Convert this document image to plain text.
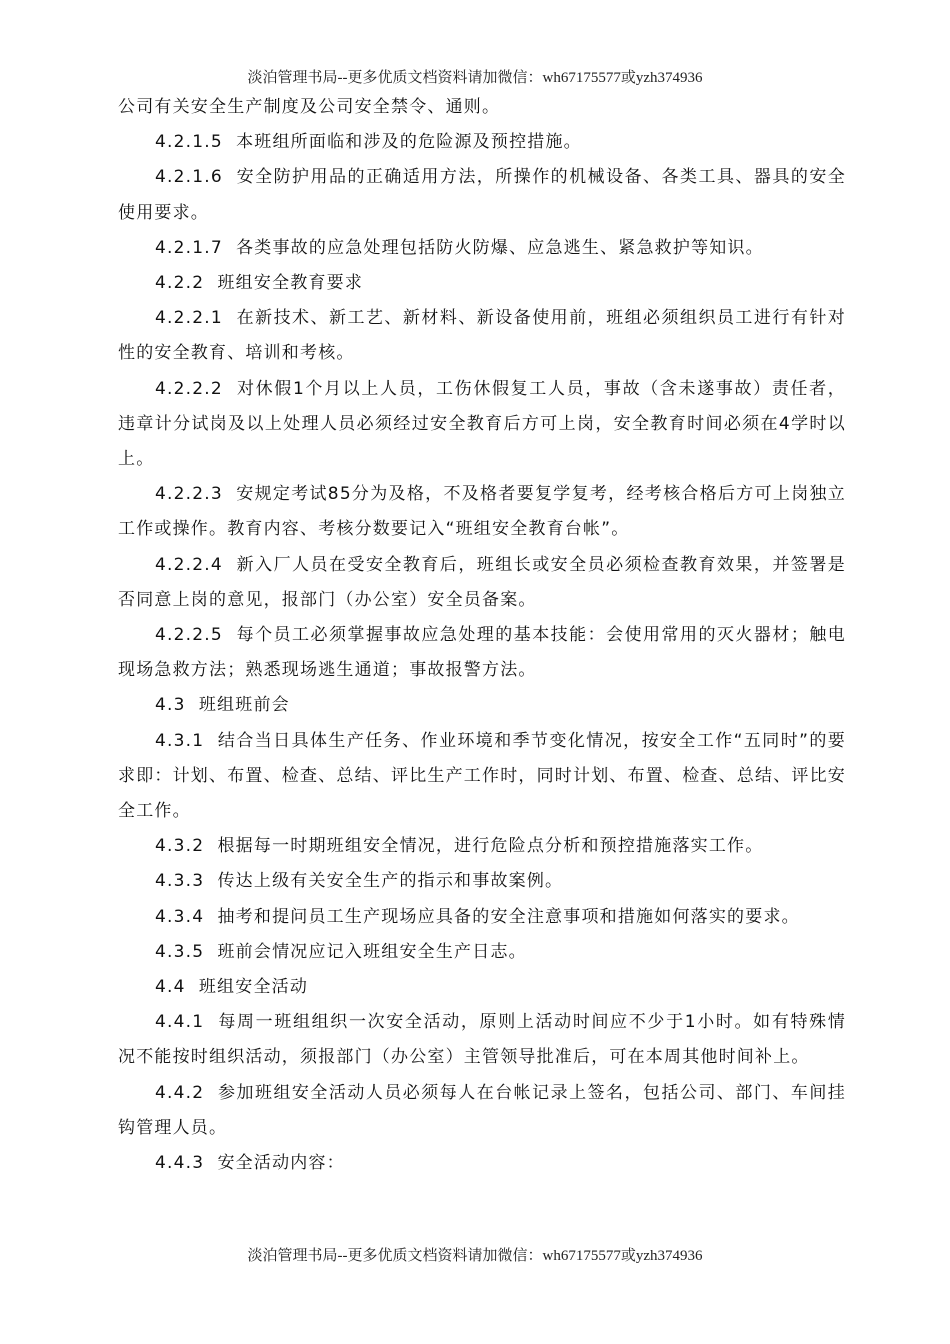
淡泊管理书局--更多优质文档资料请加微信：wh67175577或yzh374936

公司有关安全生产制度及公司安全禁令、通则。

4.2.1.5  本班组所面临和涉及的危险源及预控措施。

4.2.1.6  安全防护用品的正确适用方法，所操作的机械设备、各类工具、器具的安全使用要求。

4.2.1.7  各类事故的应急处理包括防火防爆、应急逃生、紧急救护等知识。

4.2.2  班组安全教育要求

4.2.2.1  在新技术、新工艺、新材料、新设备使用前，班组必须组织员工进行有针对性的安全教育、培训和考核。

4.2.2.2  对休假1个月以上人员，工伤休假复工人员，事故（含未遂事故）责任者，违章计分试岗及以上处理人员必须经过安全教育后方可上岗，安全教育时间必须在4学时以上。

4.2.2.3  安规定考试85分为及格，不及格者要复学复考，经考核合格后方可上岗独立工作或操作。教育内容、考核分数要记入“班组安全教育台帐”。

4.2.2.4  新入厂人员在受安全教育后，班组长或安全员必须检查教育效果，并签署是否同意上岗的意见，报部门（办公室）安全员备案。

4.2.2.5  每个员工必须掌握事故应急处理的基本技能：会使用常用的灭火器材；触电现场急救方法；熟悉现场逃生通道；事故报警方法。

4.3  班组班前会

4.3.1  结合当日具体生产任务、作业环境和季节变化情况，按安全工作“五同时”的要求即：计划、布置、检查、总结、评比生产工作时，同时计划、布置、检查、总结、评比安全工作。

4.3.2  根据每一时期班组安全情况，进行危险点分析和预控措施落实工作。

4.3.3  传达上级有关安全生产的指示和事故案例。

4.3.4  抽考和提问员工生产现场应具备的安全注意事项和措施如何落实的要求。

4.3.5  班前会情况应记入班组安全生产日志。

4.4  班组安全活动

4.4.1  每周一班组组织一次安全活动，原则上活动时间应不少于1小时。如有特殊情况不能按时组织活动，须报部门（办公室）主管领导批准后，可在本周其他时间补上。

4.4.2  参加班组安全活动人员必须每人在台帐记录上签名，包括公司、部门、车间挂钩管理人员。

4.4.3  安全活动内容：

淡泊管理书局--更多优质文档资料请加微信：wh67175577或yzh374936
